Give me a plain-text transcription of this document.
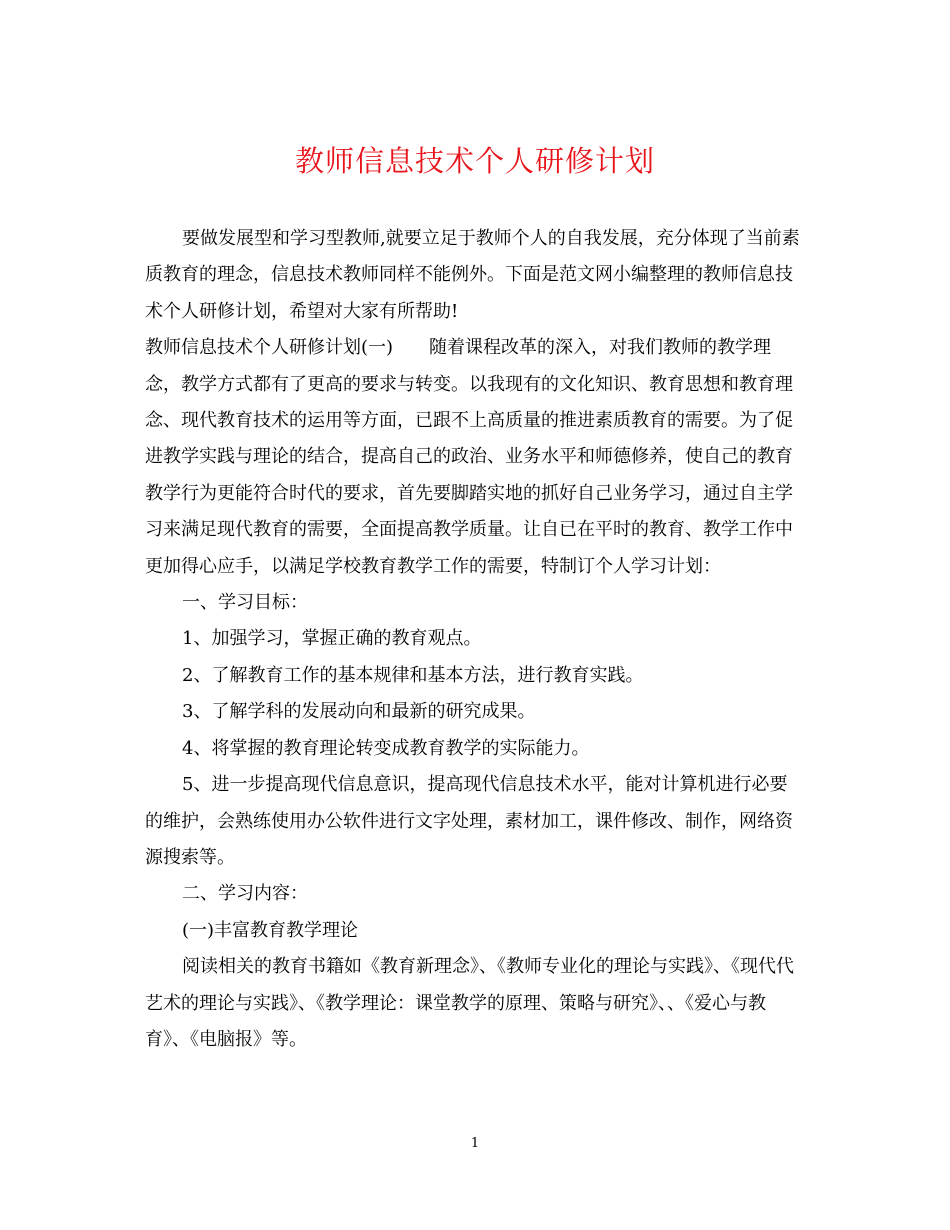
教师信息技术个人研修计划

要做发展型和学习型教师,就要立足于教师个人的自我发展，充分体现了当前素质教育的理念，信息技术教师同样不能例外。下面是范文网小编整理的教师信息技术个人研修计划，希望对大家有所帮助!

教师信息技术个人研修计划(一)　　随着课程改革的深入，对我们教师的教学理念，教学方式都有了更高的要求与转变。以我现有的文化知识、教育思想和教育理念、现代教育技术的运用等方面，已跟不上高质量的推进素质教育的需要。为了促进教学实践与理论的结合，提高自己的政治、业务水平和师德修养，使自己的教育教学行为更能符合时代的要求，首先要脚踏实地的抓好自己业务学习，通过自主学习来满足现代教育的需要，全面提高教学质量。让自已在平时的教育、教学工作中更加得心应手，以满足学校教育教学工作的需要，特制订个人学习计划：

一、学习目标：

1、加强学习，掌握正确的教育观点。

2、了解教育工作的基本规律和基本方法，进行教育实践。

3、了解学科的发展动向和最新的研究成果。

4、将掌握的教育理论转变成教育教学的实际能力。

5、进一步提高现代信息意识，提高现代信息技术水平，能对计算机进行必要的维护，会熟练使用办公软件进行文字处理，素材加工，课件修改、制作，网络资源搜索等。

二、学习内容：

(一)丰富教育教学理论

阅读相关的教育书籍如《教育新理念》、《教师专业化的理论与实践》、《现代代艺术的理论与实践》、《教学理论：课堂教学的原理、策略与研究》、、《爱心与教育》、《电脑报》等。

1
